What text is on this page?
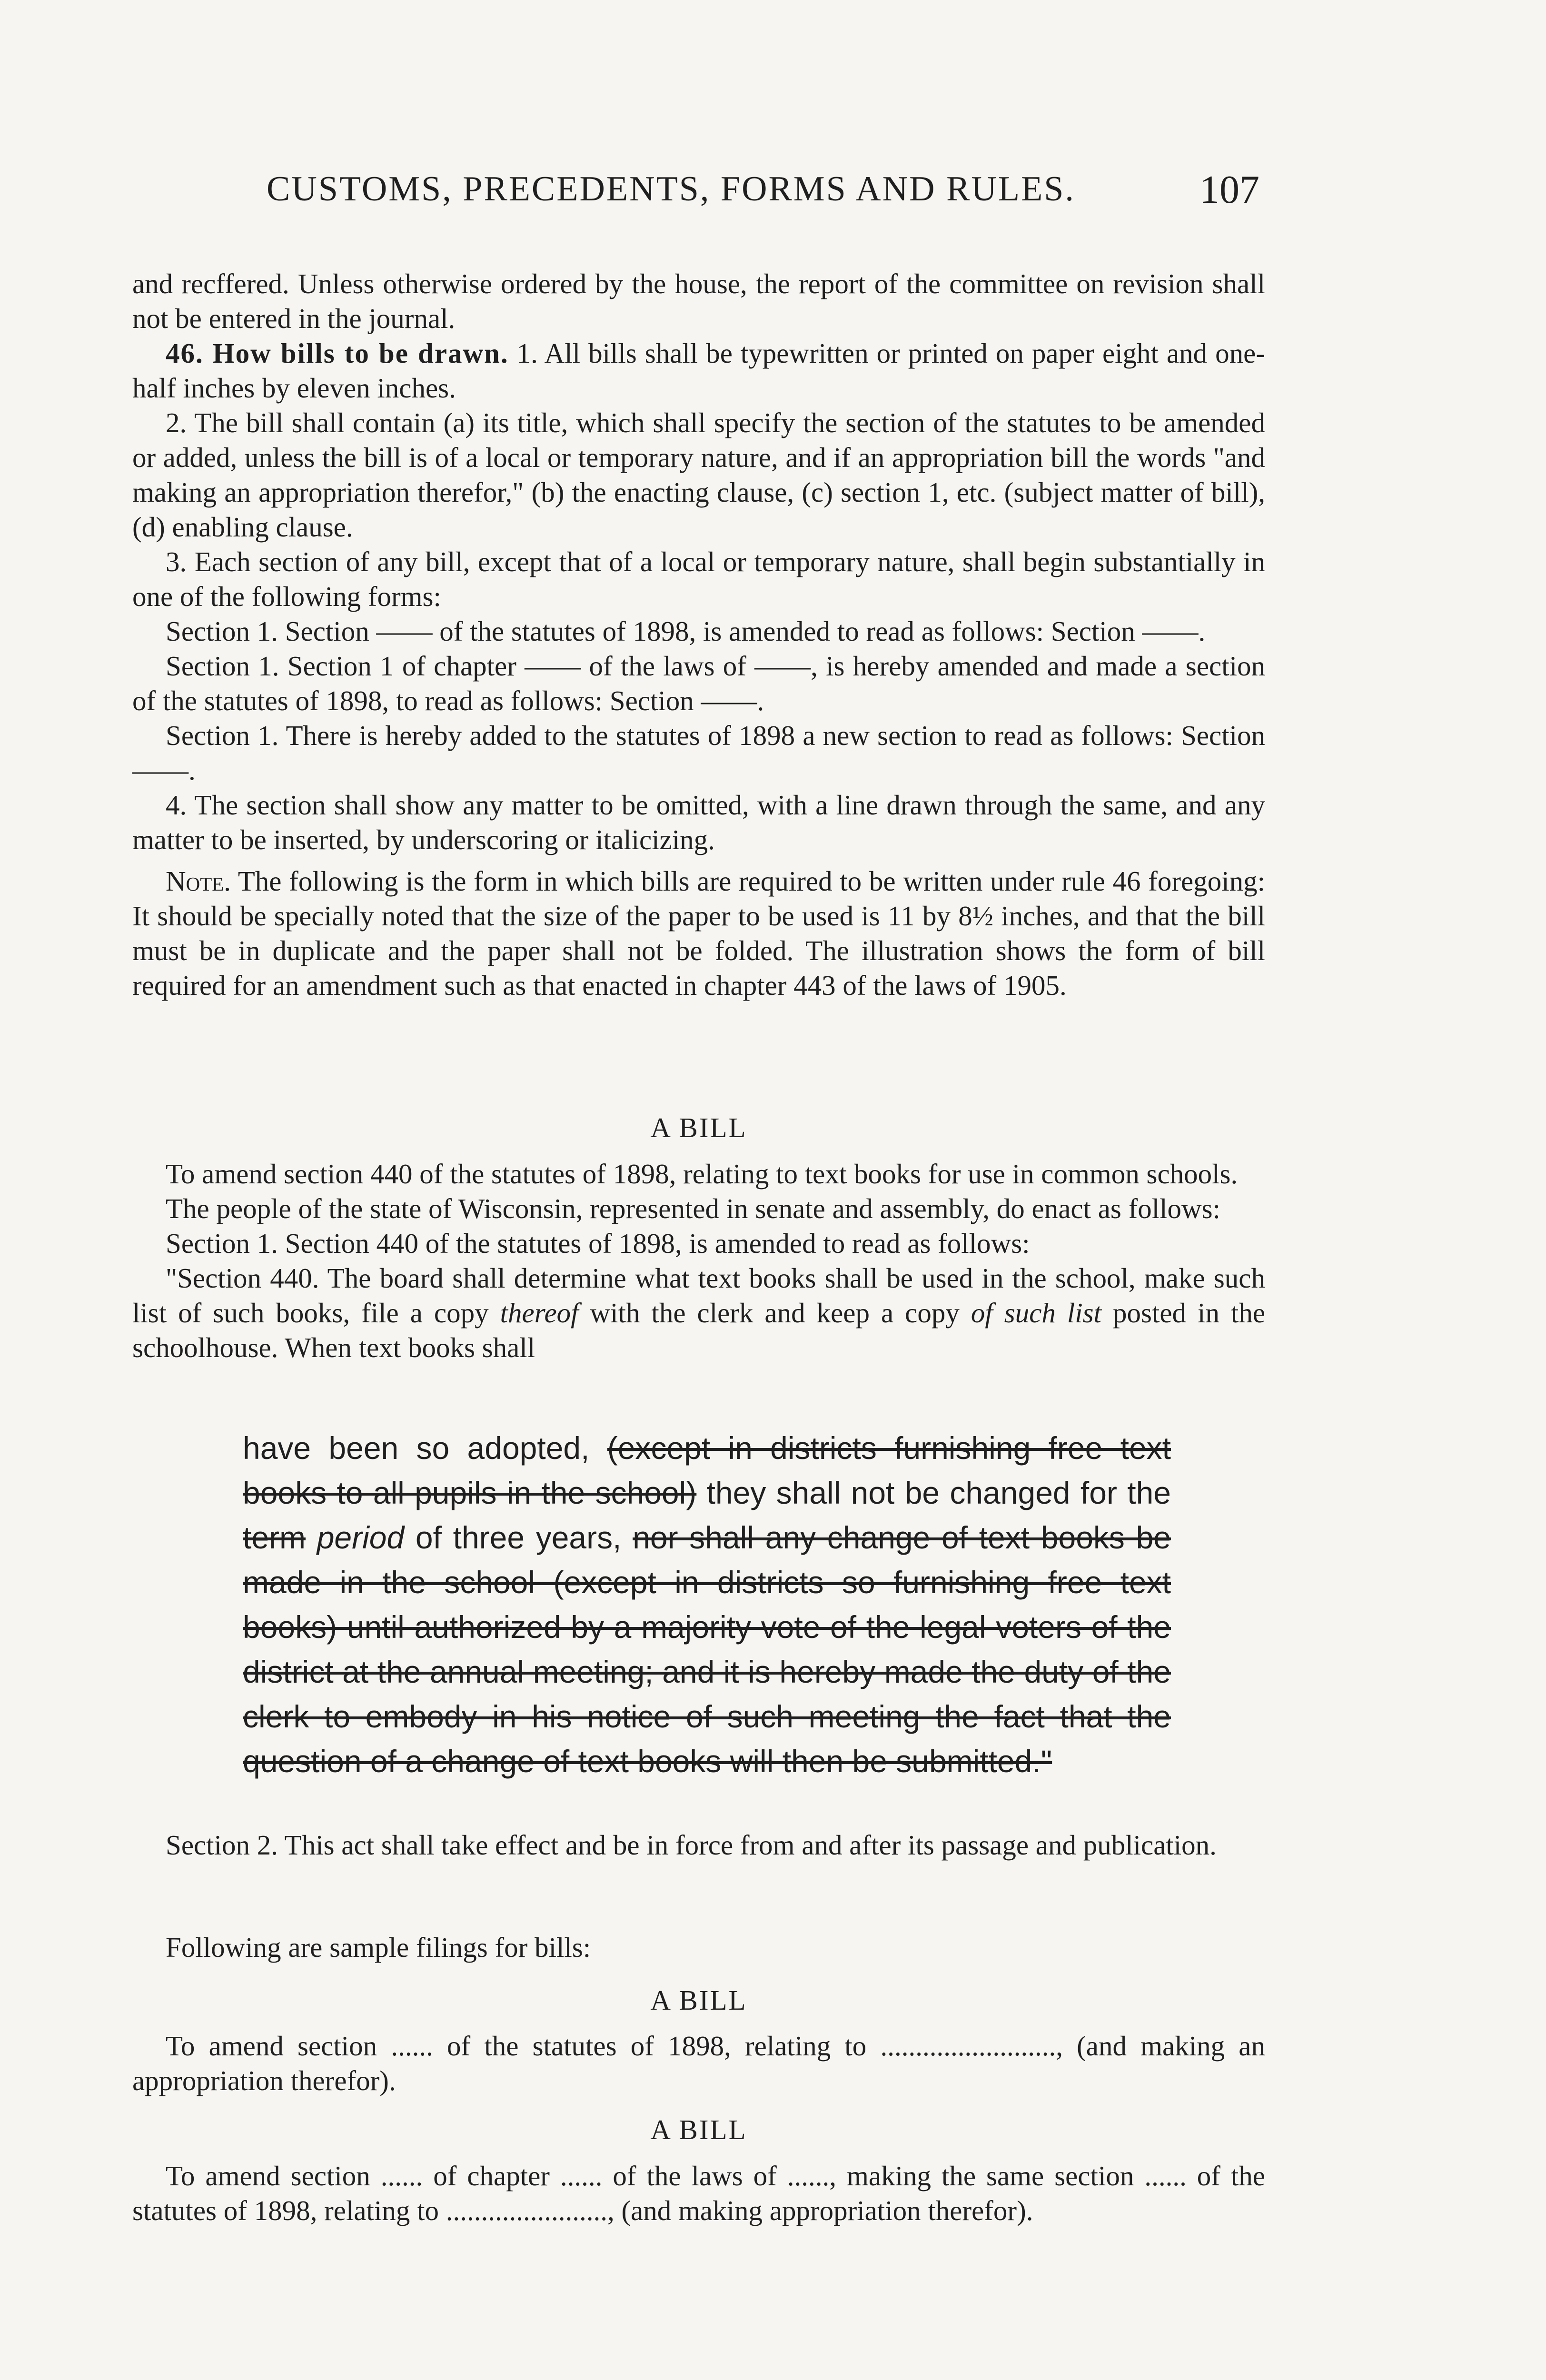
CUSTOMS, PRECEDENTS, FORMS AND RULES.	107

and recffered. Unless otherwise ordered by the house, the report of the committee on revision shall not be entered in the journal.

46. How bills to be drawn. 1. All bills shall be typewritten or printed on paper eight and one-half inches by eleven inches.

2. The bill shall contain (a) its title, which shall specify the section of the statutes to be amended or added, unless the bill is of a local or temporary nature, and if an appropriation bill the words "and making an appropriation therefor," (b) the enacting clause, (c) section 1, etc. (subject matter of bill), (d) enabling clause.

3. Each section of any bill, except that of a local or temporary nature, shall begin substantially in one of the following forms:

Section 1. Section —— of the statutes of 1898, is amended to read as follows: Section ——.

Section 1. Section 1 of chapter —— of the laws of ——, is hereby amended and made a section of the statutes of 1898, to read as follows: Section ——.

Section 1. There is hereby added to the statutes of 1898 a new section to read as follows: Section ——.

4. The section shall show any matter to be omitted, with a line drawn through the same, and any matter to be inserted, by underscoring or italicizing.

Note. The following is the form in which bills are required to be written under rule 46 foregoing: It should be specially noted that the size of the paper to be used is 11 by 8½ inches, and that the bill must be in duplicate and the paper shall not be folded. The illustration shows the form of bill required for an amendment such as that enacted in chapter 443 of the laws of 1905.

A BILL

To amend section 440 of the statutes of 1898, relating to text books for use in common schools.

The people of the state of Wisconsin, represented in senate and assembly, do enact as follows:

Section 1. Section 440 of the statutes of 1898, is amended to read as follows:

"Section 440. The board shall determine what text books shall be used in the school, make such list of such books, file a copy thereof with the clerk and keep a copy of such list posted in the schoolhouse. When text books shall

have been so adopted, (except in districts furnishing free text books to all pupils in the school) they shall not be changed for the term period of three years, nor shall any change of text books be made in the school (except in districts so furnishing free text books) until authorized by a majority vote of the legal voters of the district at the annual meeting; and it is hereby made the duty of the clerk to embody in his notice of such meeting the fact that the question of a change of text books will then be submitted."

Section 2. This act shall take effect and be in force from and after its passage and publication.

Following are sample filings for bills:

A BILL

To amend section ...... of the statutes of 1898, relating to ........................., (and making an appropriation therefor).

A BILL

To amend section ...... of chapter ...... of the laws of ......, making the same section ...... of the statutes of 1898, relating to ......................., (and making appropriation therefor).
